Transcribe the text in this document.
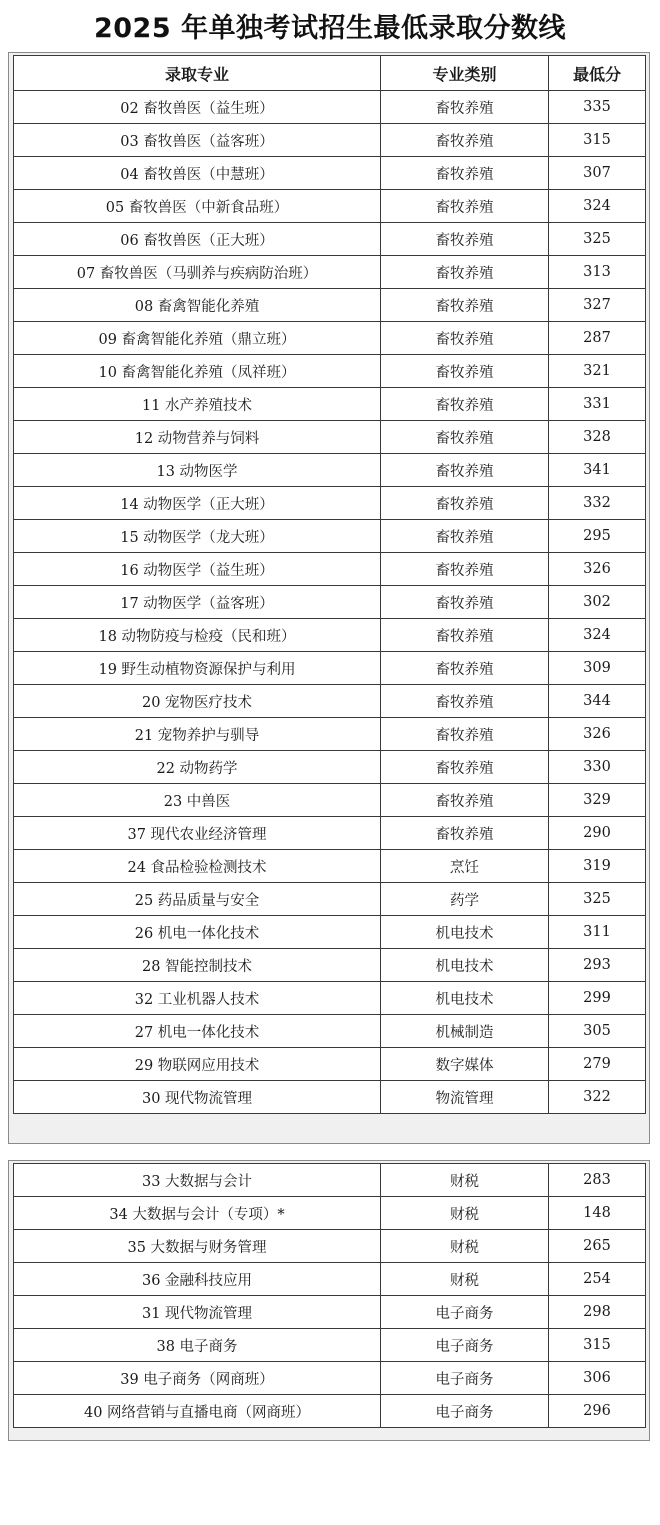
2025 年单独考试招生最低录取分数线
录取专业	专业类别	最低分
02 畜牧兽医（益生班）	畜牧养殖	335
03 畜牧兽医（益客班）	畜牧养殖	315
04 畜牧兽医（中慧班）	畜牧养殖	307
05 畜牧兽医（中新食品班）	畜牧养殖	324
06 畜牧兽医（正大班）	畜牧养殖	325
07 畜牧兽医（马驯养与疾病防治班）	畜牧养殖	313
08 畜禽智能化养殖	畜牧养殖	327
09 畜禽智能化养殖（鼎立班）	畜牧养殖	287
10 畜禽智能化养殖（凤祥班）	畜牧养殖	321
11 水产养殖技术	畜牧养殖	331
12 动物营养与饲料	畜牧养殖	328
13 动物医学	畜牧养殖	341
14 动物医学（正大班）	畜牧养殖	332
15 动物医学（龙大班）	畜牧养殖	295
16 动物医学（益生班）	畜牧养殖	326
17 动物医学（益客班）	畜牧养殖	302
18 动物防疫与检疫（民和班）	畜牧养殖	324
19 野生动植物资源保护与利用	畜牧养殖	309
20 宠物医疗技术	畜牧养殖	344
21 宠物养护与驯导	畜牧养殖	326
22 动物药学	畜牧养殖	330
23 中兽医	畜牧养殖	329
37 现代农业经济管理	畜牧养殖	290
24 食品检验检测技术	烹饪	319
25 药品质量与安全	药学	325
26 机电一体化技术	机电技术	311
28 智能控制技术	机电技术	293
32 工业机器人技术	机电技术	299
27 机电一体化技术	机械制造	305
29 物联网应用技术	数字媒体	279
30 现代物流管理	物流管理	322
33 大数据与会计	财税	283
34 大数据与会计（专项）*	财税	148
35 大数据与财务管理	财税	265
36 金融科技应用	财税	254
31 现代物流管理	电子商务	298
38 电子商务	电子商务	315
39 电子商务（网商班）	电子商务	306
40 网络营销与直播电商（网商班）	电子商务	296
